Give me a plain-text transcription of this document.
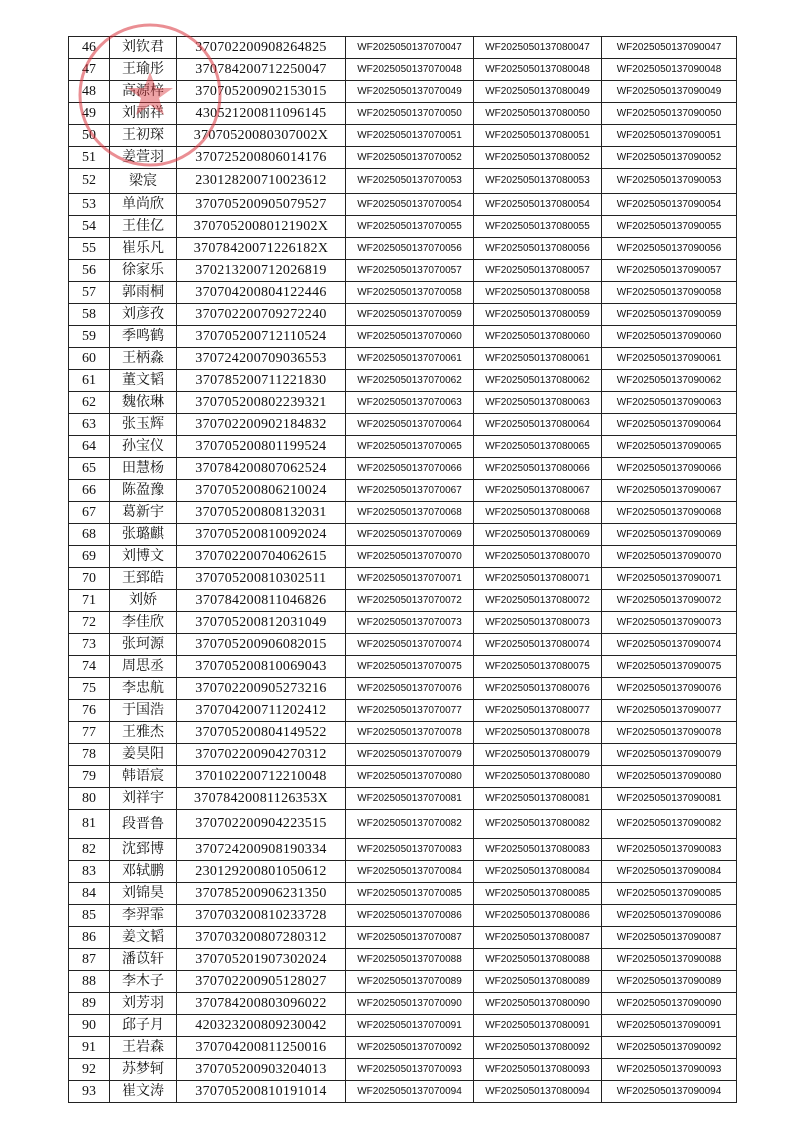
46	刘钦君	370702200908264825	WF2025050137070047	WF2025050137080047	WF2025050137090047
47	王瑜彤	370784200712250047	WF2025050137070048	WF2025050137080048	WF2025050137090048
48	高源梓	370705200902153015	WF2025050137070049	WF2025050137080049	WF2025050137090049
49	刘丽祥	430521200811096145	WF2025050137070050	WF2025050137080050	WF2025050137090050
50	王初琛	37070520080307002X	WF2025050137070051	WF2025050137080051	WF2025050137090051
51	姜萱羽	370725200806014176	WF2025050137070052	WF2025050137080052	WF2025050137090052
52	梁宸	230128200710023612	WF2025050137070053	WF2025050137080053	WF2025050137090053
53	单尚欣	370705200905079527	WF2025050137070054	WF2025050137080054	WF2025050137090054
54	王佳亿	37070520080121902X	WF2025050137070055	WF2025050137080055	WF2025050137090055
55	崔乐凡	37078420071226182X	WF2025050137070056	WF2025050137080056	WF2025050137090056
56	徐家乐	370213200712026819	WF2025050137070057	WF2025050137080057	WF2025050137090057
57	郭雨桐	370704200804122446	WF2025050137070058	WF2025050137080058	WF2025050137090058
58	刘彦孜	370702200709272240	WF2025050137070059	WF2025050137080059	WF2025050137090059
59	季鸣鹤	370705200712110524	WF2025050137070060	WF2025050137080060	WF2025050137090060
60	王柄淼	370724200709036553	WF2025050137070061	WF2025050137080061	WF2025050137090061
61	董文韬	370785200711221830	WF2025050137070062	WF2025050137080062	WF2025050137090062
62	魏依琳	370705200802239321	WF2025050137070063	WF2025050137080063	WF2025050137090063
63	张玉辉	370702200902184832	WF2025050137070064	WF2025050137080064	WF2025050137090064
64	孙宝仪	370705200801199524	WF2025050137070065	WF2025050137080065	WF2025050137090065
65	田慧杨	370784200807062524	WF2025050137070066	WF2025050137080066	WF2025050137090066
66	陈盈豫	370705200806210024	WF2025050137070067	WF2025050137080067	WF2025050137090067
67	葛新宇	370705200808132031	WF2025050137070068	WF2025050137080068	WF2025050137090068
68	张璐麒	370705200810092024	WF2025050137070069	WF2025050137080069	WF2025050137090069
69	刘博文	370702200704062615	WF2025050137070070	WF2025050137080070	WF2025050137090070
70	王郅皓	370705200810302511	WF2025050137070071	WF2025050137080071	WF2025050137090071
71	刘娇	370784200811046826	WF2025050137070072	WF2025050137080072	WF2025050137090072
72	李佳欣	370705200812031049	WF2025050137070073	WF2025050137080073	WF2025050137090073
73	张珂源	370705200906082015	WF2025050137070074	WF2025050137080074	WF2025050137090074
74	周思丞	370705200810069043	WF2025050137070075	WF2025050137080075	WF2025050137090075
75	李忠航	370702200905273216	WF2025050137070076	WF2025050137080076	WF2025050137090076
76	于国浩	370704200711202412	WF2025050137070077	WF2025050137080077	WF2025050137090077
77	王雅杰	370705200804149522	WF2025050137070078	WF2025050137080078	WF2025050137090078
78	姜昊阳	370702200904270312	WF2025050137070079	WF2025050137080079	WF2025050137090079
79	韩语宸	370102200712210048	WF2025050137070080	WF2025050137080080	WF2025050137090080
80	刘祥宇	37078420081126353X	WF2025050137070081	WF2025050137080081	WF2025050137090081
81	段晋鲁	370702200904223515	WF2025050137070082	WF2025050137080082	WF2025050137090082
82	沈郅博	370724200908190334	WF2025050137070083	WF2025050137080083	WF2025050137090083
83	邓轼鹏	230129200801050612	WF2025050137070084	WF2025050137080084	WF2025050137090084
84	刘锦昊	370785200906231350	WF2025050137070085	WF2025050137080085	WF2025050137090085
85	李羿霏	370703200810233728	WF2025050137070086	WF2025050137080086	WF2025050137090086
86	姜文韬	370703200807280312	WF2025050137070087	WF2025050137080087	WF2025050137090087
87	潘苡轩	370705201907302024	WF2025050137070088	WF2025050137080088	WF2025050137090088
88	李木子	370702200905128027	WF2025050137070089	WF2025050137080089	WF2025050137090089
89	刘芳羽	370784200803096022	WF2025050137070090	WF2025050137080090	WF2025050137090090
90	邱子月	420323200809230042	WF2025050137070091	WF2025050137080091	WF2025050137090091
91	王岩森	370704200811250016	WF2025050137070092	WF2025050137080092	WF2025050137090092
92	苏梦轲	370705200903204013	WF2025050137070093	WF2025050137080093	WF2025050137090093
93	崔文涛	370705200810191014	WF2025050137070094	WF2025050137080094	WF2025050137090094
